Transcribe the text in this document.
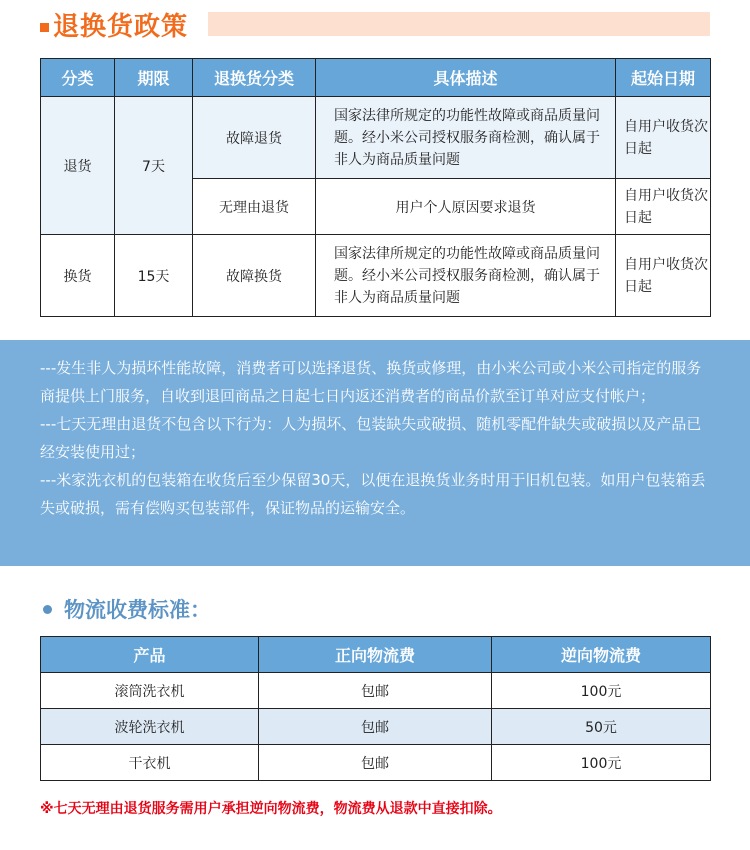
退换货政策
分类	期限	退换货分类	具体描述	起始日期
退货	7天	故障退货	国家法律所规定的功能性故障或商品质量问题。经小米公司授权服务商检测，确认属于非人为商品质量问题	自用户收货次日起
		无理由退货	用户个人原因要求退货	自用户收货次日起
换货	15天	故障换货	国家法律所规定的功能性故障或商品质量问题。经小米公司授权服务商检测，确认属于非人为商品质量问题	自用户收货次日起

---发生非人为损坏性能故障，消费者可以选择退货、换货或修理，由小米公司或小米公司指定的服务商提供上门服务，自收到退回商品之日起七日内返还消费者的商品价款至订单对应支付帐户；

---七天无理由退货不包含以下行为：人为损坏、包装缺失或破损、随机零配件缺失或破损以及产品已经安装使用过；

---米家洗衣机的包装箱在收货后至少保留30天，以便在退换货业务时用于旧机包装。如用户包装箱丢失或破损，需有偿购买包装部件，保证物品的运输安全。

物流收费标准：
产品	正向物流费	逆向物流费
滚筒洗衣机	包邮	100元
波轮洗衣机	包邮	50元
干衣机	包邮	100元
※七天无理由退货服务需用户承担逆向物流费，物流费从退款中直接扣除。
